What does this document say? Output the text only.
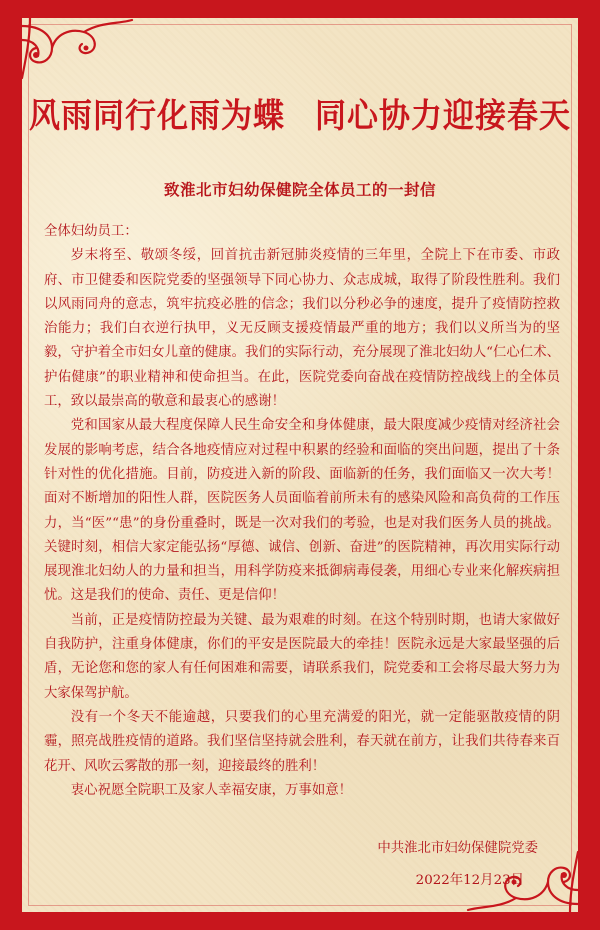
风雨同行化雨为蝶 同心协力迎接春天
致淮北市妇幼保健院全体员工的一封信

全体妇幼员工：

岁末将至、敬颂冬绥，回首抗击新冠肺炎疫情的三年里，全院上下在市委、市政府、市卫健委和医院党委的坚强领导下同心协力、众志成城，取得了阶段性胜利。我们以风雨同舟的意志，筑牢抗疫必胜的信念；我们以分秒必争的速度，提升了疫情防控救治能力；我们白衣逆行执甲，义无反顾支援疫情最严重的地方；我们以义所当为的坚毅，守护着全市妇女儿童的健康。我们的实际行动，充分展现了淮北妇幼人“仁心仁术、护佑健康”的职业精神和使命担当。在此，医院党委向奋战在疫情防控战线上的全体员工，致以最崇高的敬意和最衷心的感谢！

党和国家从最大程度保障人民生命安全和身体健康，最大限度减少疫情对经济社会发展的影响考虑，结合各地疫情应对过程中积累的经验和面临的突出问题，提出了十条针对性的优化措施。目前，防疫进入新的阶段、面临新的任务，我们面临又一次大考！面对不断增加的阳性人群，医院医务人员面临着前所未有的感染风险和高负荷的工作压力，当“医”“患”的身份重叠时，既是一次对我们的考验，也是对我们医务人员的挑战。关键时刻，相信大家定能弘扬“厚德、诚信、创新、奋进”的医院精神，再次用实际行动展现淮北妇幼人的力量和担当，用科学防疫来抵御病毒侵袭，用细心专业来化解疾病担忧。这是我们的使命、责任、更是信仰！

当前，正是疫情防控最为关键、最为艰难的时刻。在这个特别时期，也请大家做好自我防护，注重身体健康，你们的平安是医院最大的牵挂！医院永远是大家最坚强的后盾，无论您和您的家人有任何困难和需要，请联系我们，院党委和工会将尽最大努力为大家保驾护航。

没有一个冬天不能逾越，只要我们的心里充满爱的阳光，就一定能驱散疫情的阴霾，照亮战胜疫情的道路。我们坚信坚持就会胜利，春天就在前方，让我们共待春来百花开、风吹云雾散的那一刻，迎接最终的胜利！

衷心祝愿全院职工及家人幸福安康，万事如意！

中共淮北市妇幼保健院党委
2022年12月23日
